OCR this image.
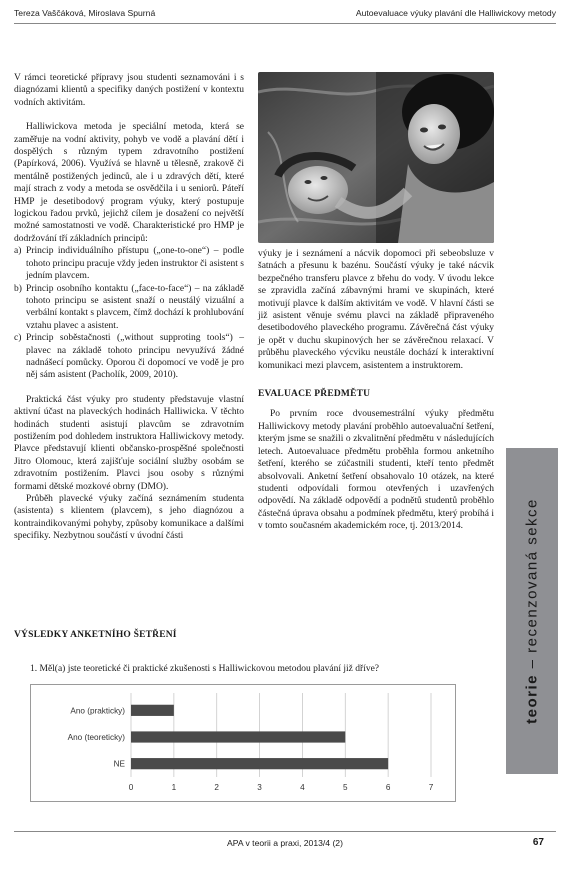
Tereza Vaščáková, Miroslava Spurná	Autoevaluace výuky plavání dle Halliwickovy metody

V rámci teoretické přípravy jsou studenti seznamováni i s diagnózami klientů a specifiky daných postižení v kontextu vodních aktivitám.

Halliwickova metoda je speciální metoda, která se zaměřuje na vodní aktivity, pohyb ve vodě a plavání dětí i dospělých s různým typem zdravotního postižení (Papírková, 2006). Využívá se hlavně u tělesně, zrakově či mentálně postižených jedinců, ale i u zdravých dětí, které mají strach z vody a metoda se osvědčila i u seniorů. Páteří HMP je desetibodový program výuky, který postupuje logickou řadou prvků, jejichž cílem je dosažení co největší možné samostatnosti ve vodě. Charakteristické pro HMP je dodržování tří základních principů:

a) Princip individuálního přístupu („one-to-one“) – podle tohoto principu pracuje vždy jeden instruktor či asistent s jedním plavcem.
b) Princip osobního kontaktu („face-to-face“) – na základě tohoto principu se asistent snaží o neustálý vizuální a verbální kontakt s plavcem, čímž dochází k prohlubování vztahu plavec a asistent.
c) Princip soběstačnosti („without supproting tools“) – plavec na základě tohoto principu nevyužívá žádné nadnášecí pomůcky. Oporou či dopomocí ve vodě je pro něj sám asistent (Pacholík, 2009, 2010).

Praktická část výuky pro studenty představuje vlastní aktivní účast na plaveckých hodinách Halliwicka. V těchto hodinách studenti asistují plavcům se zdravotním postižením pod dohledem instruktora Halliwickovy metody. Plavce představují klienti občansko-prospěšné společnosti Jitro Olomouc, která zajišťuje sociální služby osobám se zdravotním postižením. Plavci jsou osoby s různými formami dětské mozkové obrny (DMO).

Průběh plavecké výuky začíná seznámením studenta (asistenta) s klientem (plavcem), s jeho diagnózou a kontraindikovanými pohyby, způsoby komunikace a dalšími specifiky. Nezbytnou součástí v úvodní části

výuky je i seznámení a nácvik dopomoci při sebeobsluze v šatnách a přesunu k bazénu. Součástí výuky je také nácvik bezpečného transferu plavce z břehu do vody. V úvodu lekce se zpravidla začíná zábavnými hrami ve skupinách, které motivují plavce k dalším aktivitám ve vodě. V hlavní části se již asistent věnuje svému plavci na základě připraveného desetibodového plaveckého programu. Závěrečná část výuky je opět v duchu skupinových her se závěrečnou relaxací. V průběhu plaveckého výcviku neustále dochází k interaktivní komunikaci mezi plavcem, asistentem a instruktorem.

EVALUACE PŘEDMĚTU

Po prvním roce dvousemestrální výuky předmětu Halliwickovy metody plavání proběhlo autoevaluační šetření, kterým jsme se snažili o zkvalitnění předmětu v následujících letech. Autoevaluace předmětu proběhla formou anketního šetření, kterého se zúčastnili studenti, kteří tento předmět absolvovali. Anketní šetření obsahovalo 10 otázek, na které studenti odpovídali formou otevřených i uzavřených odpovědí. Na základě odpovědí a podnětů studentů proběhlo částečná úprava obsahu a podmínek předmětu, který probíhá i v tomto současném akademickém roce, tj. 2013/2014.

VÝSLEDKY ANKETNÍHO ŠETŘENÍ
1. Měl(a) jste teoretické či praktické zkušenosti s Halliwickovou metodou plavání již dříve?
0	1	2	3	4	5	6	7
Ano (prakticky)
Ano (teoreticky)
NE
teorie – recenzovaná sekce
APA v teorii a praxi, 2013/4 (2)	67
